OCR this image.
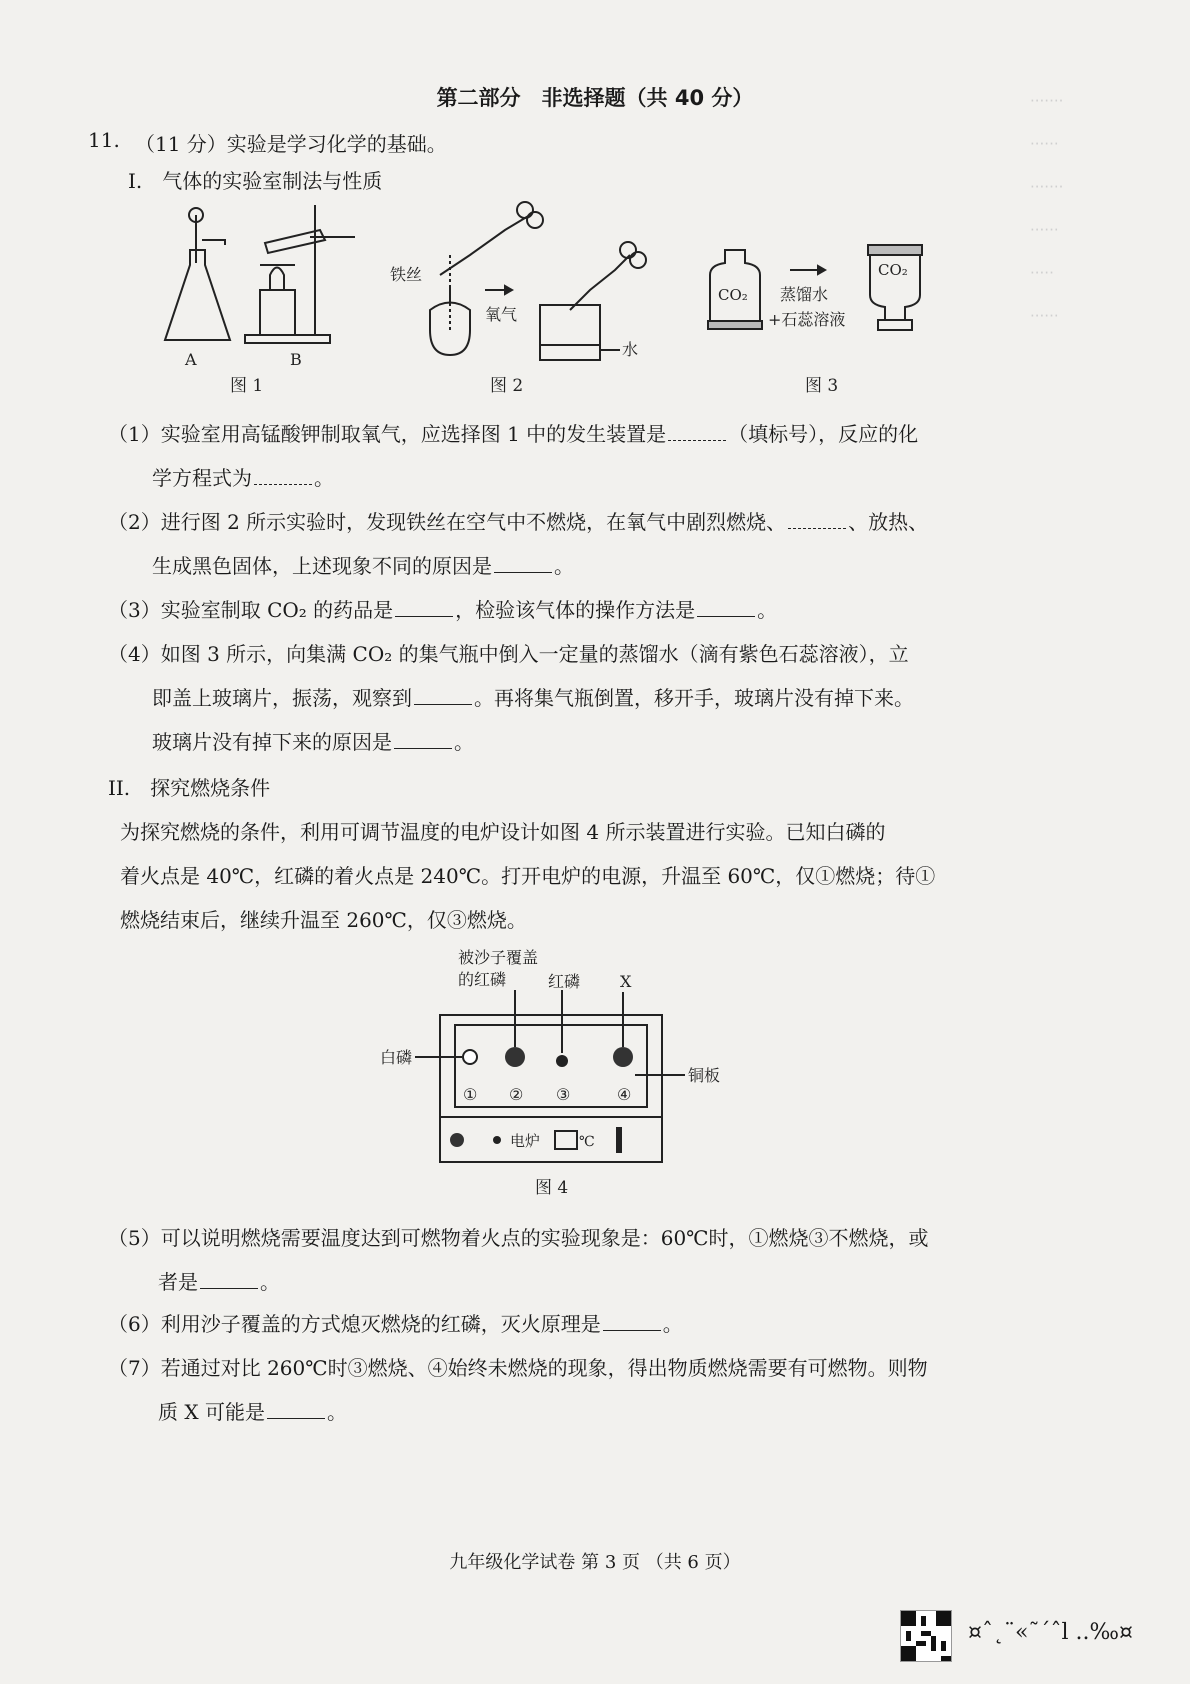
‧‧‧‧‧‧‧
‧‧‧‧‧‧
‧‧‧‧‧‧‧
‧‧‧‧‧‧
‧‧‧‧‧
‧‧‧‧‧‧
第二部分　非选择题（共 40 分）
11. （11 分）实验是学习化学的基础。
I.　气体的实验室制法与性质
A	B
图 1
铁丝
氧气
水
图 2
CO₂
CO₂
蒸馏水
+石蕊溶液
图 3
（1）实验室用高锰酸钾制取氧气，应选择图 1 中的发生装置是	（填标号），反应的化
学方程式为	。
（2）进行图 2 所示实验时，发现铁丝在空气中不燃烧，在氧气中剧烈燃烧、	、放热、
生成黑色固体，上述现象不同的原因是	。
（3）实验室制取 CO₂ 的药品是	，检验该气体的操作方法是	。
（4）如图 3 所示，向集满 CO₂ 的集气瓶中倒入一定量的蒸馏水（滴有紫色石蕊溶液），立
即盖上玻璃片，振荡，观察到	。再将集气瓶倒置，移开手，玻璃片没有掉下来。
玻璃片没有掉下来的原因是	。
II.　探究燃烧条件
为探究燃烧的条件，利用可调节温度的电炉设计如图 4 所示装置进行实验。已知白磷的
着火点是 40℃，红磷的着火点是 240℃。打开电炉的电源，升温至 60℃，仅①燃烧；待①
燃烧结束后，继续升温至 260℃，仅③燃烧。
被沙子覆盖
的红磷	红磷 X
① ② ③	④
白磷
铜板
电炉	℃
图 4
（5）可以说明燃烧需要温度达到可燃物着火点的实验现象是：60℃时，①燃烧③不燃烧，或
者是	。
（6）利用沙子覆盖的方式熄灭燃烧的红磷，灭火原理是	。
（7）若通过对比 260℃时③燃烧、④始终未燃烧的现象，得出物质燃烧需要有可燃物。则物
质 X 可能是	。
九年级化学试卷 第 3 页 （共 6 页）
¤ˆ˛¨«˜´ˆl ..‰¤
